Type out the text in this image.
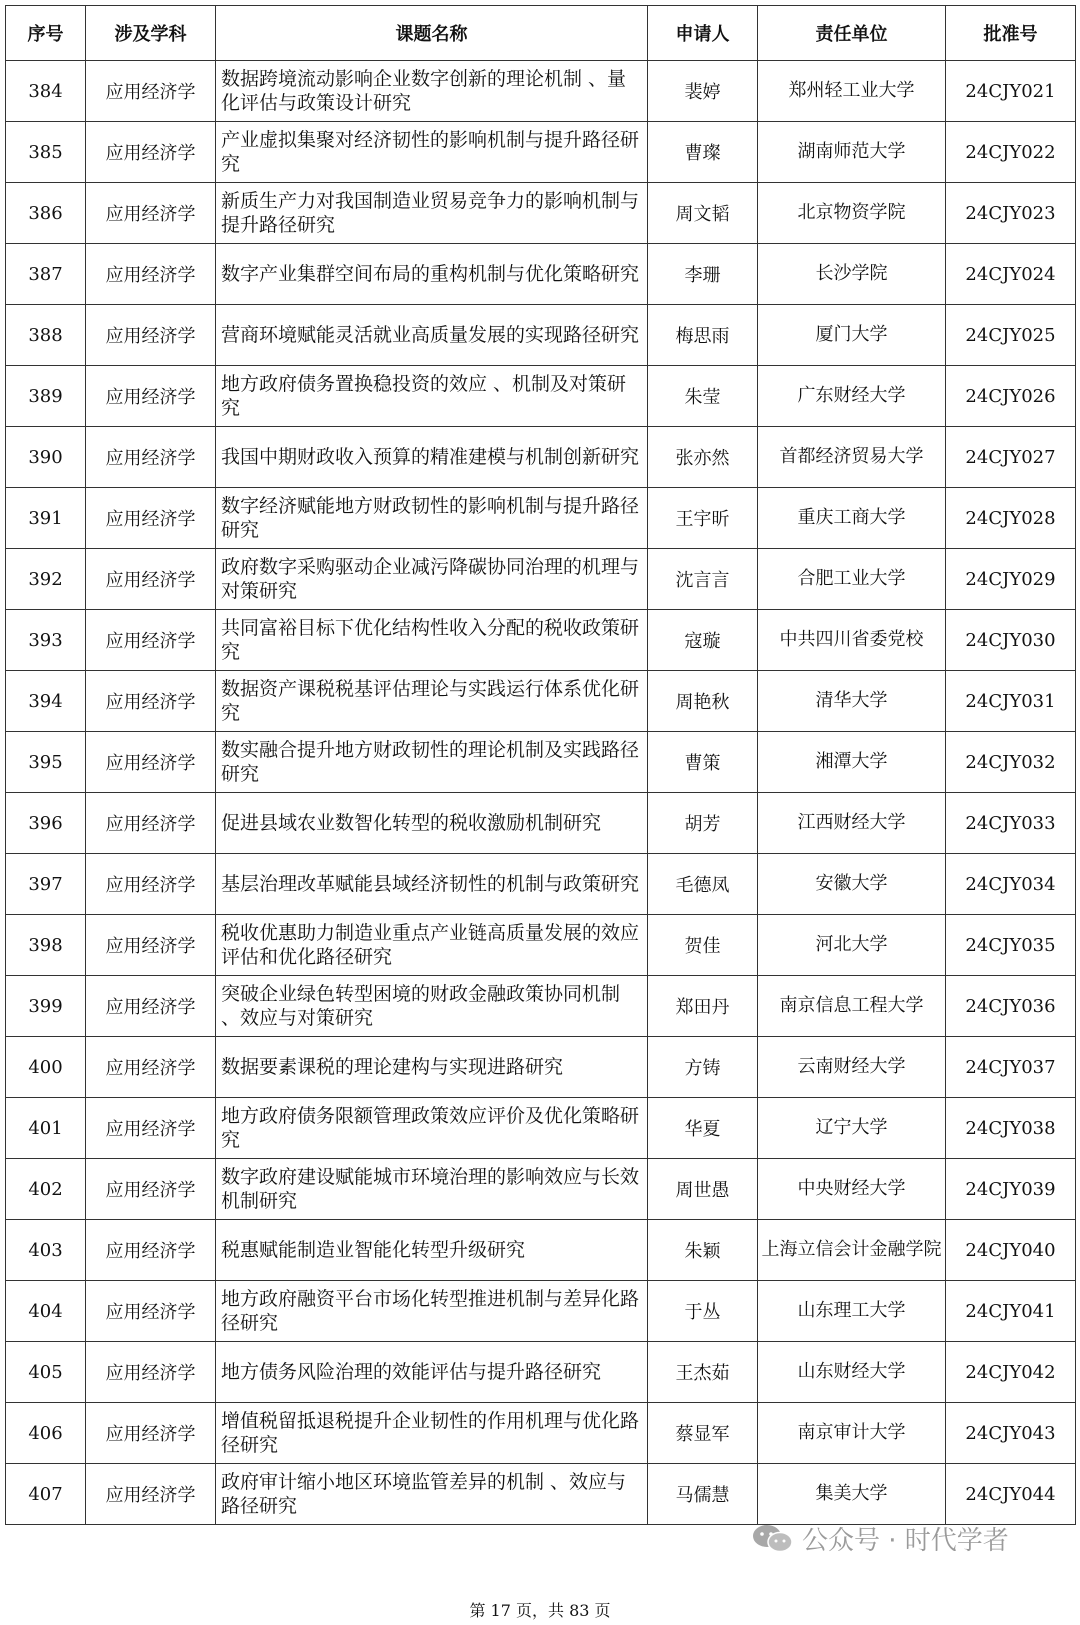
序号	涉及学科	课题名称	申请人	责任单位	批准号
384	应用经济学	数据跨境流动影响企业数字创新的理论机制 、量化评估与政策设计研究	裴婷	郑州轻工业大学	24CJY021
385	应用经济学	产业虚拟集聚对经济韧性的影响机制与提升路径研究	曹璨	湖南师范大学	24CJY022
386	应用经济学	新质生产力对我国制造业贸易竞争力的影响机制与提升路径研究	周文韬	北京物资学院	24CJY023
387	应用经济学	数字产业集群空间布局的重构机制与优化策略研究	李珊	长沙学院	24CJY024
388	应用经济学	营商环境赋能灵活就业高质量发展的实现路径研究	梅思雨	厦门大学	24CJY025
389	应用经济学	地方政府债务置换稳投资的效应 、机制及对策研究	朱莹	广东财经大学	24CJY026
390	应用经济学	我国中期财政收入预算的精准建模与机制创新研究	张亦然	首都经济贸易大学	24CJY027
391	应用经济学	数字经济赋能地方财政韧性的影响机制与提升路径研究	王宇昕	重庆工商大学	24CJY028
392	应用经济学	政府数字采购驱动企业减污降碳协同治理的机理与对策研究	沈言言	合肥工业大学	24CJY029
393	应用经济学	共同富裕目标下优化结构性收入分配的税收政策研究	寇璇	中共四川省委党校	24CJY030
394	应用经济学	数据资产课税税基评估理论与实践运行体系优化研究	周艳秋	清华大学	24CJY031
395	应用经济学	数实融合提升地方财政韧性的理论机制及实践路径研究	曹策	湘潭大学	24CJY032
396	应用经济学	促进县域农业数智化转型的税收激励机制研究	胡芳	江西财经大学	24CJY033
397	应用经济学	基层治理改革赋能县域经济韧性的机制与政策研究	毛德凤	安徽大学	24CJY034
398	应用经济学	税收优惠助力制造业重点产业链高质量发展的效应评估和优化路径研究	贺佳	河北大学	24CJY035
399	应用经济学	突破企业绿色转型困境的财政金融政策协同机制 、效应与对策研究	郑田丹	南京信息工程大学	24CJY036
400	应用经济学	数据要素课税的理论建构与实现进路研究	方铸	云南财经大学	24CJY037
401	应用经济学	地方政府债务限额管理政策效应评价及优化策略研究	华夏	辽宁大学	24CJY038
402	应用经济学	数字政府建设赋能城市环境治理的影响效应与长效机制研究	周世愚	中央财经大学	24CJY039
403	应用经济学	税惠赋能制造业智能化转型升级研究	朱颖	上海立信会计金融学院	24CJY040
404	应用经济学	地方政府融资平台市场化转型推进机制与差异化路径研究	于丛	山东理工大学	24CJY041
405	应用经济学	地方债务风险治理的效能评估与提升路径研究	王杰茹	山东财经大学	24CJY042
406	应用经济学	增值税留抵退税提升企业韧性的作用机理与优化路径研究	蔡显军	南京审计大学	24CJY043
407	应用经济学	政府审计缩小地区环境监管差异的机制 、效应与路径研究	马儒慧	集美大学	24CJY044
公众号 · 时代学者
第 17 页，共 83 页
